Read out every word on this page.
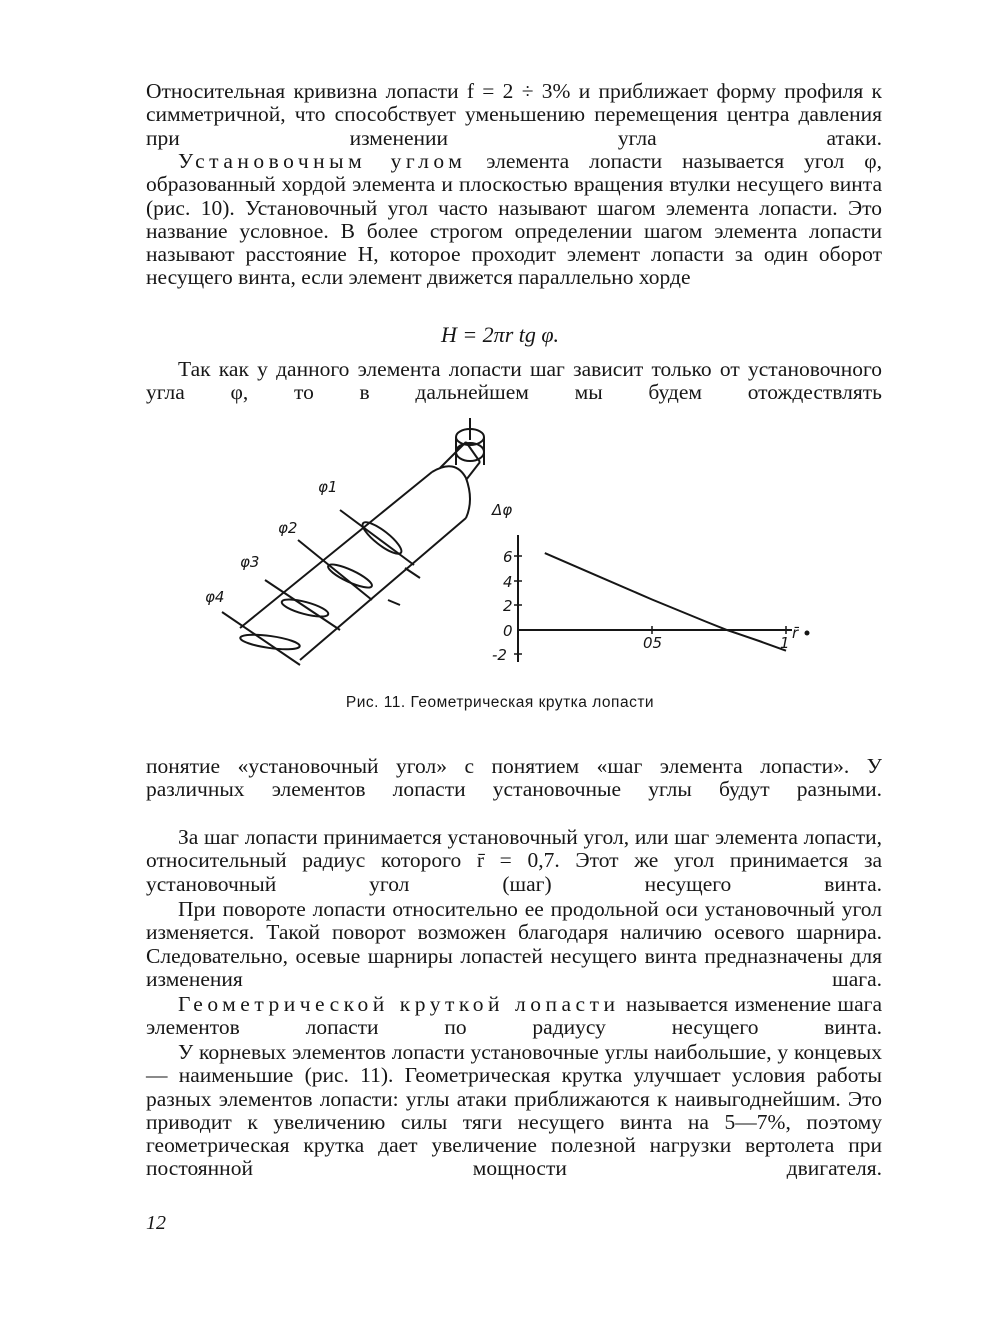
Относительная кривизна лопасти f = 2 ÷ 3% и приближает форму профиля к симметричной, что способствует уменьшению перемещения центра давления при изменении угла атаки.

Установочным углом элемента лопасти называется угол φ, образованный хордой элемента и плоскостью вращения втулки несущего винта (рис. 10). Установочный угол часто называют шагом элемента лопасти. Это название условное. В более строгом определении шагом элемента лопасти называют расстояние H, которое проходит элемент лопасти за один оборот несущего винта, если элемент движется параллельно хорде

H = 2πr tg φ.

Так как у данного элемента лопасти шаг зависит только от установочного угла φ, то в дальнейшем мы будем отождествлять

φ1
φ2
φ3
φ4
Δφ
r̄
6
4
2
0
-2
05	1
Рис. 11. Геометрическая крутка лопасти

понятие «установочный угол» с понятием «шаг элемента лопасти». У различных элементов лопасти установочные углы будут разными.

За шаг лопасти принимается установочный угол, или шаг элемента лопасти, относительный радиус которого r̄ = 0,7. Этот же угол принимается за установочный угол (шаг) несущего винта.

При повороте лопасти относительно ее продольной оси установочный угол изменяется. Такой поворот возможен благодаря наличию осевого шарнира. Следовательно, осевые шарниры лопастей несущего винта предназначены для изменения шага.

Геометрической круткой лопасти называется изменение шага элементов лопасти по радиусу несущего винта.

У корневых элементов лопасти установочные углы наибольшие, у концевых — наименьшие (рис. 11). Геометрическая крутка улучшает условия работы разных элементов лопасти: углы атаки приближаются к наивыгоднейшим. Это приводит к увеличению силы тяги несущего винта на 5—7%, поэтому геометрическая крутка дает увеличение полезной нагрузки вертолета при постоянной мощности двигателя.

12
